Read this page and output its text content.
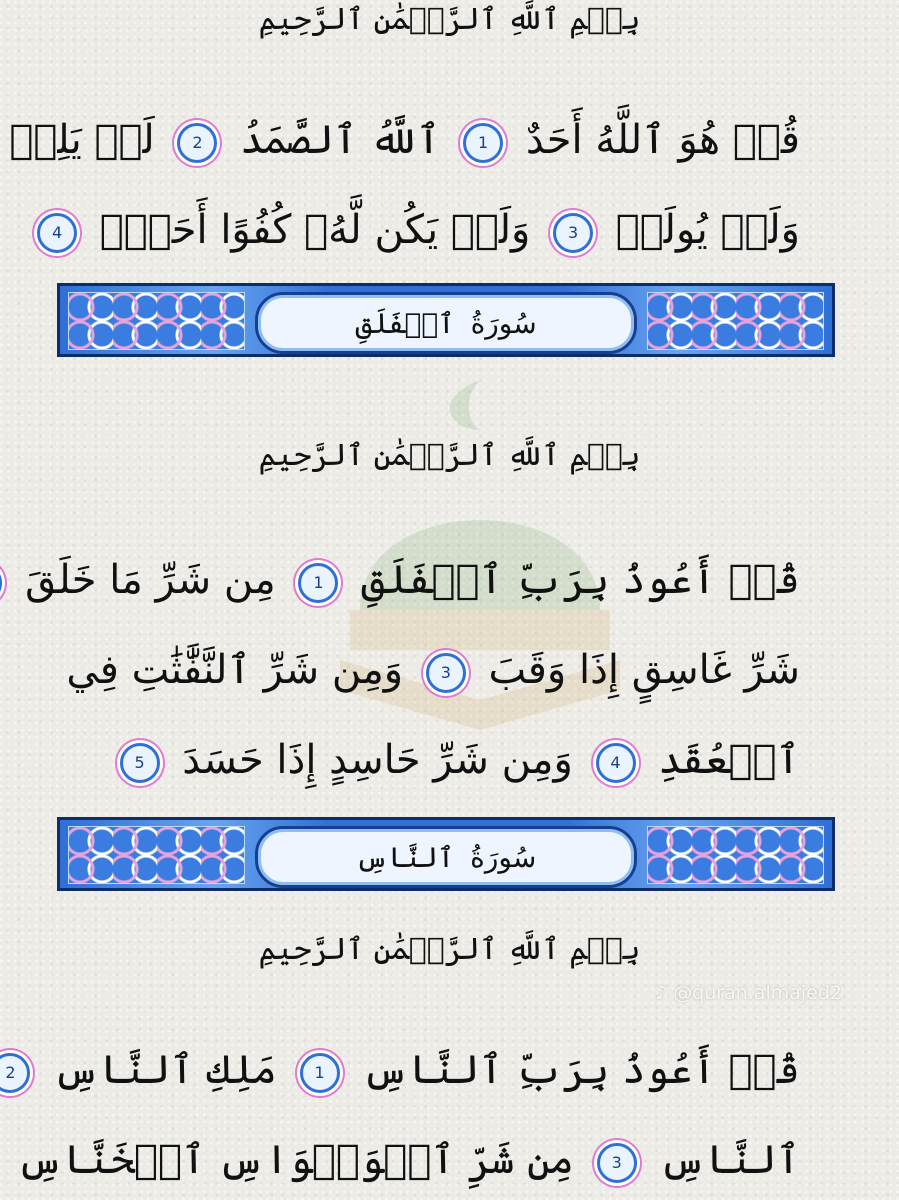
بِسۡمِ ٱللَّهِ ٱلرَّحۡمَٰنِ ٱلرَّحِيمِ
قُلۡ هُوَ ٱللَّهُ أَحَدٌ 1 ٱللَّهُ ٱلصَّمَدُ 2 لَمۡ يَلِدۡ
وَلَمۡ يُولَدۡ 3 وَلَمۡ يَكُن لَّهُۥ كُفُوًا أَحَدُۢ 4
سُورَةُ
ٱلۡفَلَقِ
بِسۡمِ ٱللَّهِ ٱلرَّحۡمَٰنِ ٱلرَّحِيمِ
قُلۡ أَعُوذُ بِرَبِّ ٱلۡفَلَقِ 1 مِن شَرِّ مَا خَلَقَ
شَرِّ غَاسِقٍ إِذَا وَقَبَ 3 وَمِن شَرِّ ٱلنَّفَّٰثَٰتِ فِي
ٱلۡعُقَدِ 4 وَمِن شَرِّ حَاسِدٍ إِذَا حَسَدَ 5
سُورَةُ
ٱلنَّاسِ
بِسۡمِ ٱللَّهِ ٱلرَّحۡمَٰنِ ٱلرَّحِيمِ
♪ @quran.almajed2
قُلۡ أَعُوذُ بِرَبِّ ٱلنَّاسِ 1 مَلِكِ ٱلنَّاسِ 2
ٱلنَّاسِ 3 مِن شَرِّ ٱلۡوَسۡوَاسِ ٱلۡخَنَّاسِ
